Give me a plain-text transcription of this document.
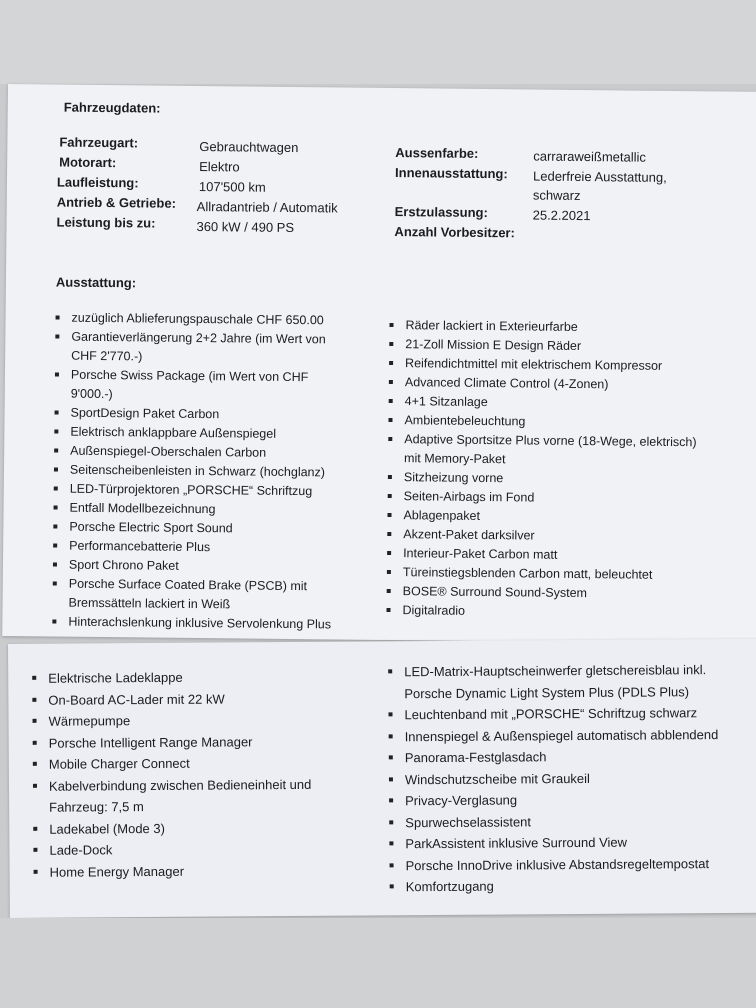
Fahrzeugdaten:
Fahrzeugart:
Motorart:
Laufleistung:
Antrieb & Getriebe:
Leistung bis zu:
Gebrauchtwagen
Elektro
107'500 km
Allradantrieb / Automatik
360 kW / 490 PS
Aussenfarbe:
Innenausstattung:
Erstzulassung:
Anzahl Vorbesitzer:
carraraweißmetallic
Lederfreie Ausstattung,
schwarz
25.2.2021
Ausstattung:
zuzüglich Ablieferungspauschale CHF 650.00
Garantieverlängerung 2+2 Jahre (im Wert von CHF 2'770.-)
Porsche Swiss Package (im Wert von CHF 9'000.-)
SportDesign Paket Carbon
Elektrisch anklappbare Außenspiegel
Außenspiegel-Oberschalen Carbon
Seitenscheibenleisten in Schwarz (hochglanz)
LED-Türprojektoren „PORSCHE“ Schriftzug
Entfall Modellbezeichnung
Porsche Electric Sport Sound
Performancebatterie Plus
Sport Chrono Paket
Porsche Surface Coated Brake (PSCB) mit Bremssätteln lackiert in Weiß
Hinterachslenkung inklusive Servolenkung Plus
Räder lackiert in Exterieurfarbe
21-Zoll Mission E Design Räder
Reifendichtmittel mit elektrischem Kompressor
Advanced Climate Control (4-Zonen)
4+1 Sitzanlage
Ambientebeleuchtung
Adaptive Sportsitze Plus vorne (18-Wege, elektrisch) mit Memory-Paket
Sitzheizung vorne
Seiten-Airbags im Fond
Ablagenpaket
Akzent-Paket darksilver
Interieur-Paket Carbon matt
Türeinstiegsblenden Carbon matt, beleuchtet
BOSE® Surround Sound-System
Digitalradio
Elektrische Ladeklappe
On-Board AC-Lader mit 22 kW
Wärmepumpe
Porsche Intelligent Range Manager
Mobile Charger Connect
Kabelverbindung zwischen Bedieneinheit und Fahrzeug: 7,5 m
Ladekabel (Mode 3)
Lade-Dock
Home Energy Manager
LED-Matrix-Hauptscheinwerfer gletschereisblau inkl. Porsche Dynamic Light System Plus (PDLS Plus)
Leuchtenband mit „PORSCHE“ Schriftzug schwarz
Innenspiegel & Außenspiegel automatisch abblendend
Panorama-Festglasdach
Windschutzscheibe mit Graukeil
Privacy-Verglasung
Spurwechselassistent
ParkAssistent inklusive Surround View
Porsche InnoDrive inklusive Abstandsregeltempostat
Komfortzugang
